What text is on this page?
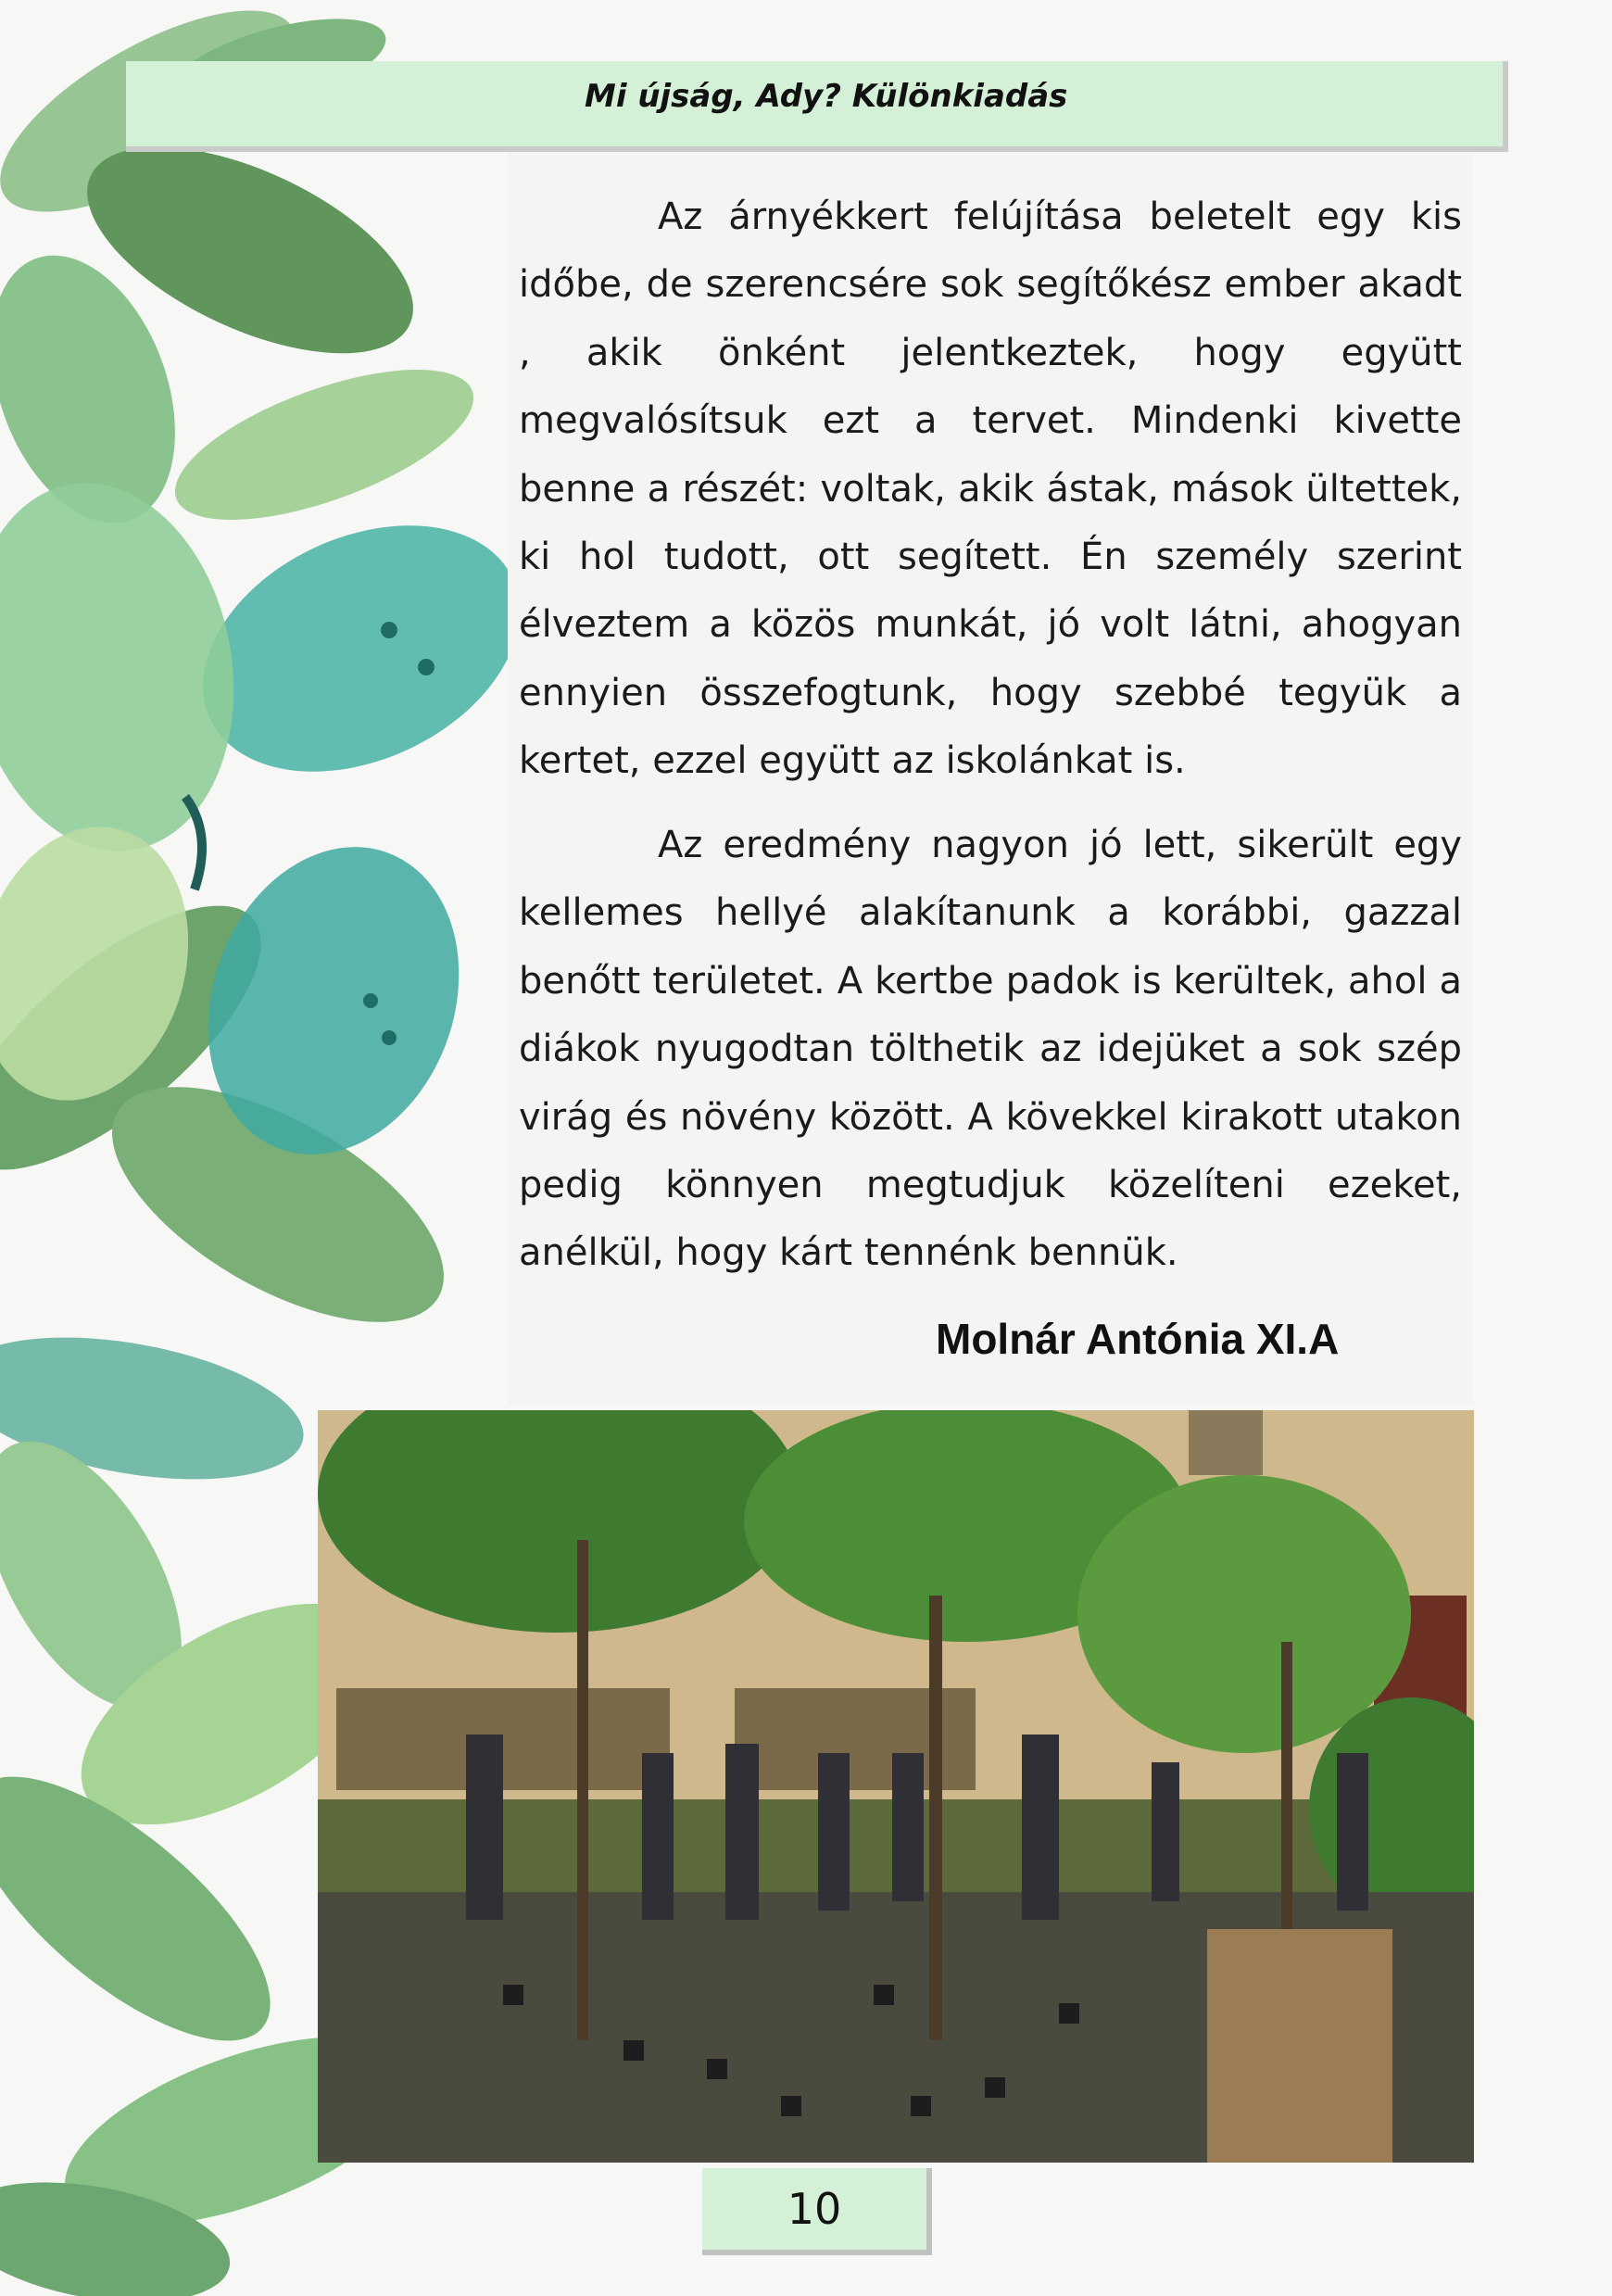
Mi újság, Ady? Különkiadás

Az árnyékkert felújítása beletelt egy kis időbe, de szerencsére sok segítőkész ember akadt , akik önként jelentkeztek, hogy együtt megvalósítsuk ezt a tervet. Mindenki kivette benne a részét: voltak, akik ástak, mások ültettek, ki hol tudott, ott segített. Én személy szerint élveztem a közös munkát, jó volt látni, ahogyan ennyien összefogtunk, hogy szebbé tegyük a kertet, ezzel együtt az iskolánkat is.

Az eredmény nagyon jó lett, sikerült egy kellemes hellyé alakítanunk a korábbi, gazzal benőtt területet. A kertbe padok is kerültek, ahol a diákok nyugodtan tölthetik az idejüket a sok szép virág és növény között. A kövekkel kirakott utakon pedig könnyen megtudjuk közelíteni ezeket, anélkül, hogy kárt tennénk bennük.

Molnár Antónia XI.A
10
